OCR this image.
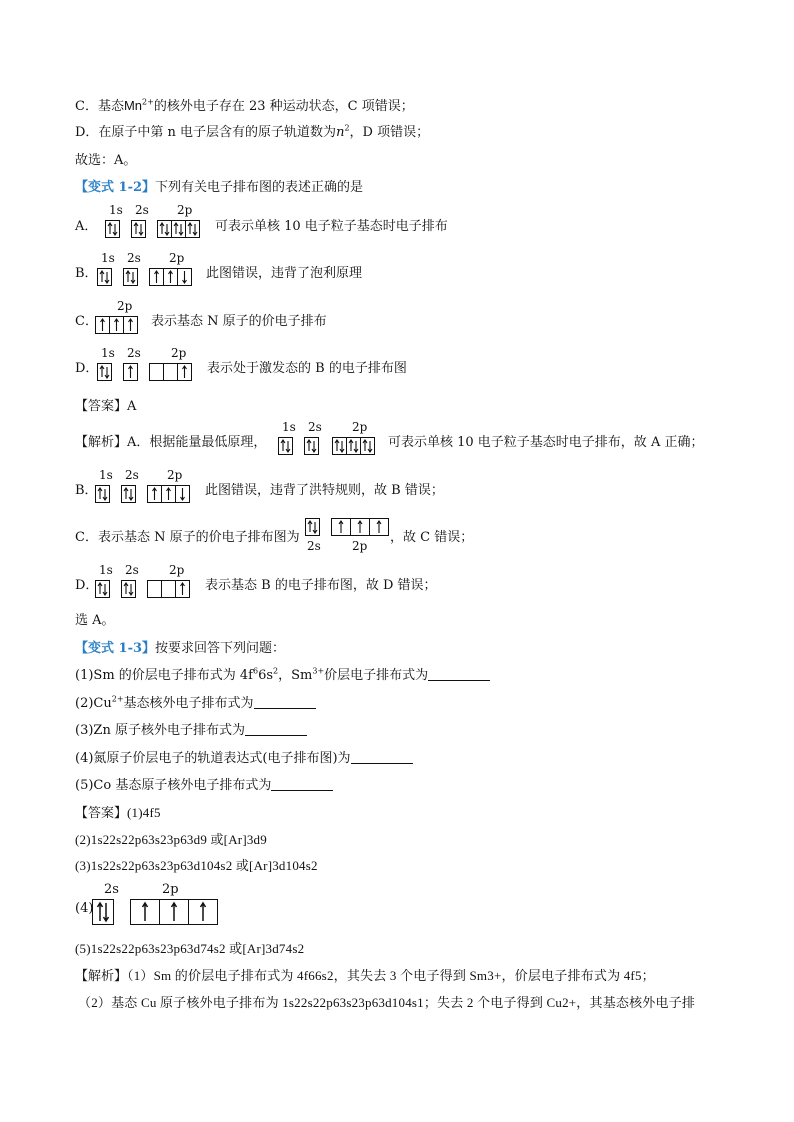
C．基态$Mn^{2+}$的核外电子存在 23 种运动状态，C 项错误；
D．在原子中第 n 电子层含有的原子轨道数为$n^2$，D 项错误；
故选：A。
【变式 1-2】下列有关电子排布图的表述正确的是
A．
1s 2s 2p
可表示单核 10 电子粒子基态时电子排布
B．
1s 2s 2p
此图错误，违背了泡利原理
C．
2p
表示基态 N 原子的价电子排布
D．
1s 2s	2p
表示处于激发态的 B 的电子排布图
【答案】A
【解析】A．根据能量最低原理，
1s 2s	2p
可表示单核 10 电子粒子基态时电子排布，故 A 正确；
B．
1s 2s 2p
此图错误，违背了洪特规则，故 B 错误；
C．表示基态 N 原子的价电子排布图为
2s	2p
，故 C 错误；
D．
1s 2s	2p
表示基态 B 的电子排布图，故 D 错误；
选 A。
【变式 1-3】按要求回答下列问题：
(1)Sm 的价层电子排布式为 $4f^66s^2$，$Sm^{3+}$价层电子排布式为
$(2)Cu^{2+}$基态核外电子排布式为
(3)Zn 原子核外电子排布式为
(4)氮原子价层电子的轨道表达式(电子排布图)为
(5)Co 基态原子核外电子排布式为
【答案】(1)4f5
(2)1s22s22p63s23p63d9 或[Ar]3d9
(3)1s22s22p63s23p63d104s2 或[Ar]3d104s2
(4)
2s	2p
(5)1s22s22p63s23p63d74s2 或[Ar]3d74s2
【解析】（1）Sm 的价层电子排布式为 4f66s2，其失去 3 个电子得到 Sm3+，价层电子排布式为 4f5；
（2）基态 Cu 原子核外电子排布为 1s22s22p63s23p63d104s1；失去 2 个电子得到 Cu2+，其基态核外电子排
